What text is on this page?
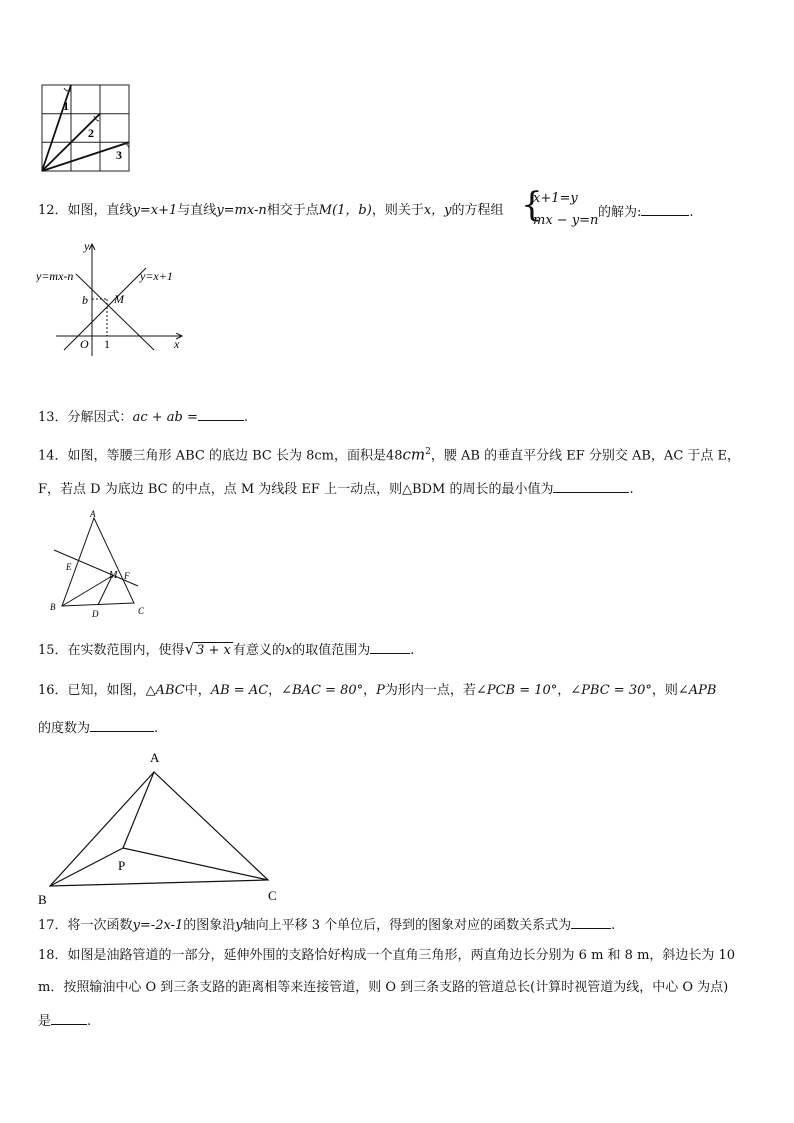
1
2
3
12．如图，直线y=x+1与直线y=mx-n相交于点M(1，b)，则关于x，y的方程组 {
x+1=y
mx − y=n
的解为:	.
y
x
O 1
b M
y=mx-n	y=x+1
13．分解因式：ac + ab =	.
14．如图，等腰三角形 ABC 的底边 BC 长为 8cm，面积是$48cm^2$，腰 AB 的垂直平分线 EF 分别交 AB，AC 于点 E，
F，若点 D 为底边 BC 的中点，点 M 为线段 EF 上一动点，则△BDM 的周长的最小值为	.
A
E
M F
B
D	C
15．在实数范围内，使得√ 3 + x 有意义的x的取值范围为	.
16．已知，如图，△ABC中，AB = AC，∠BAC = 80°，P为形内一点，若∠PCB = 10°，∠PBC = 30°，则∠APB
的度数为	.
A
P
B	C
17．将一次函数y=-2x-1的图象沿y轴向上平移 3 个单位后，得到的图象对应的函数关系式为	.
18．如图是油路管道的一部分，延伸外围的支路恰好构成一个直角三角形，两直角边长分别为 6 m 和 8 m，斜边长为 10
m．按照输油中心 O 到三条支路的距离相等来连接管道，则 O 到三条支路的管道总长(计算时视管道为线，中心 O 为点)
是	.
